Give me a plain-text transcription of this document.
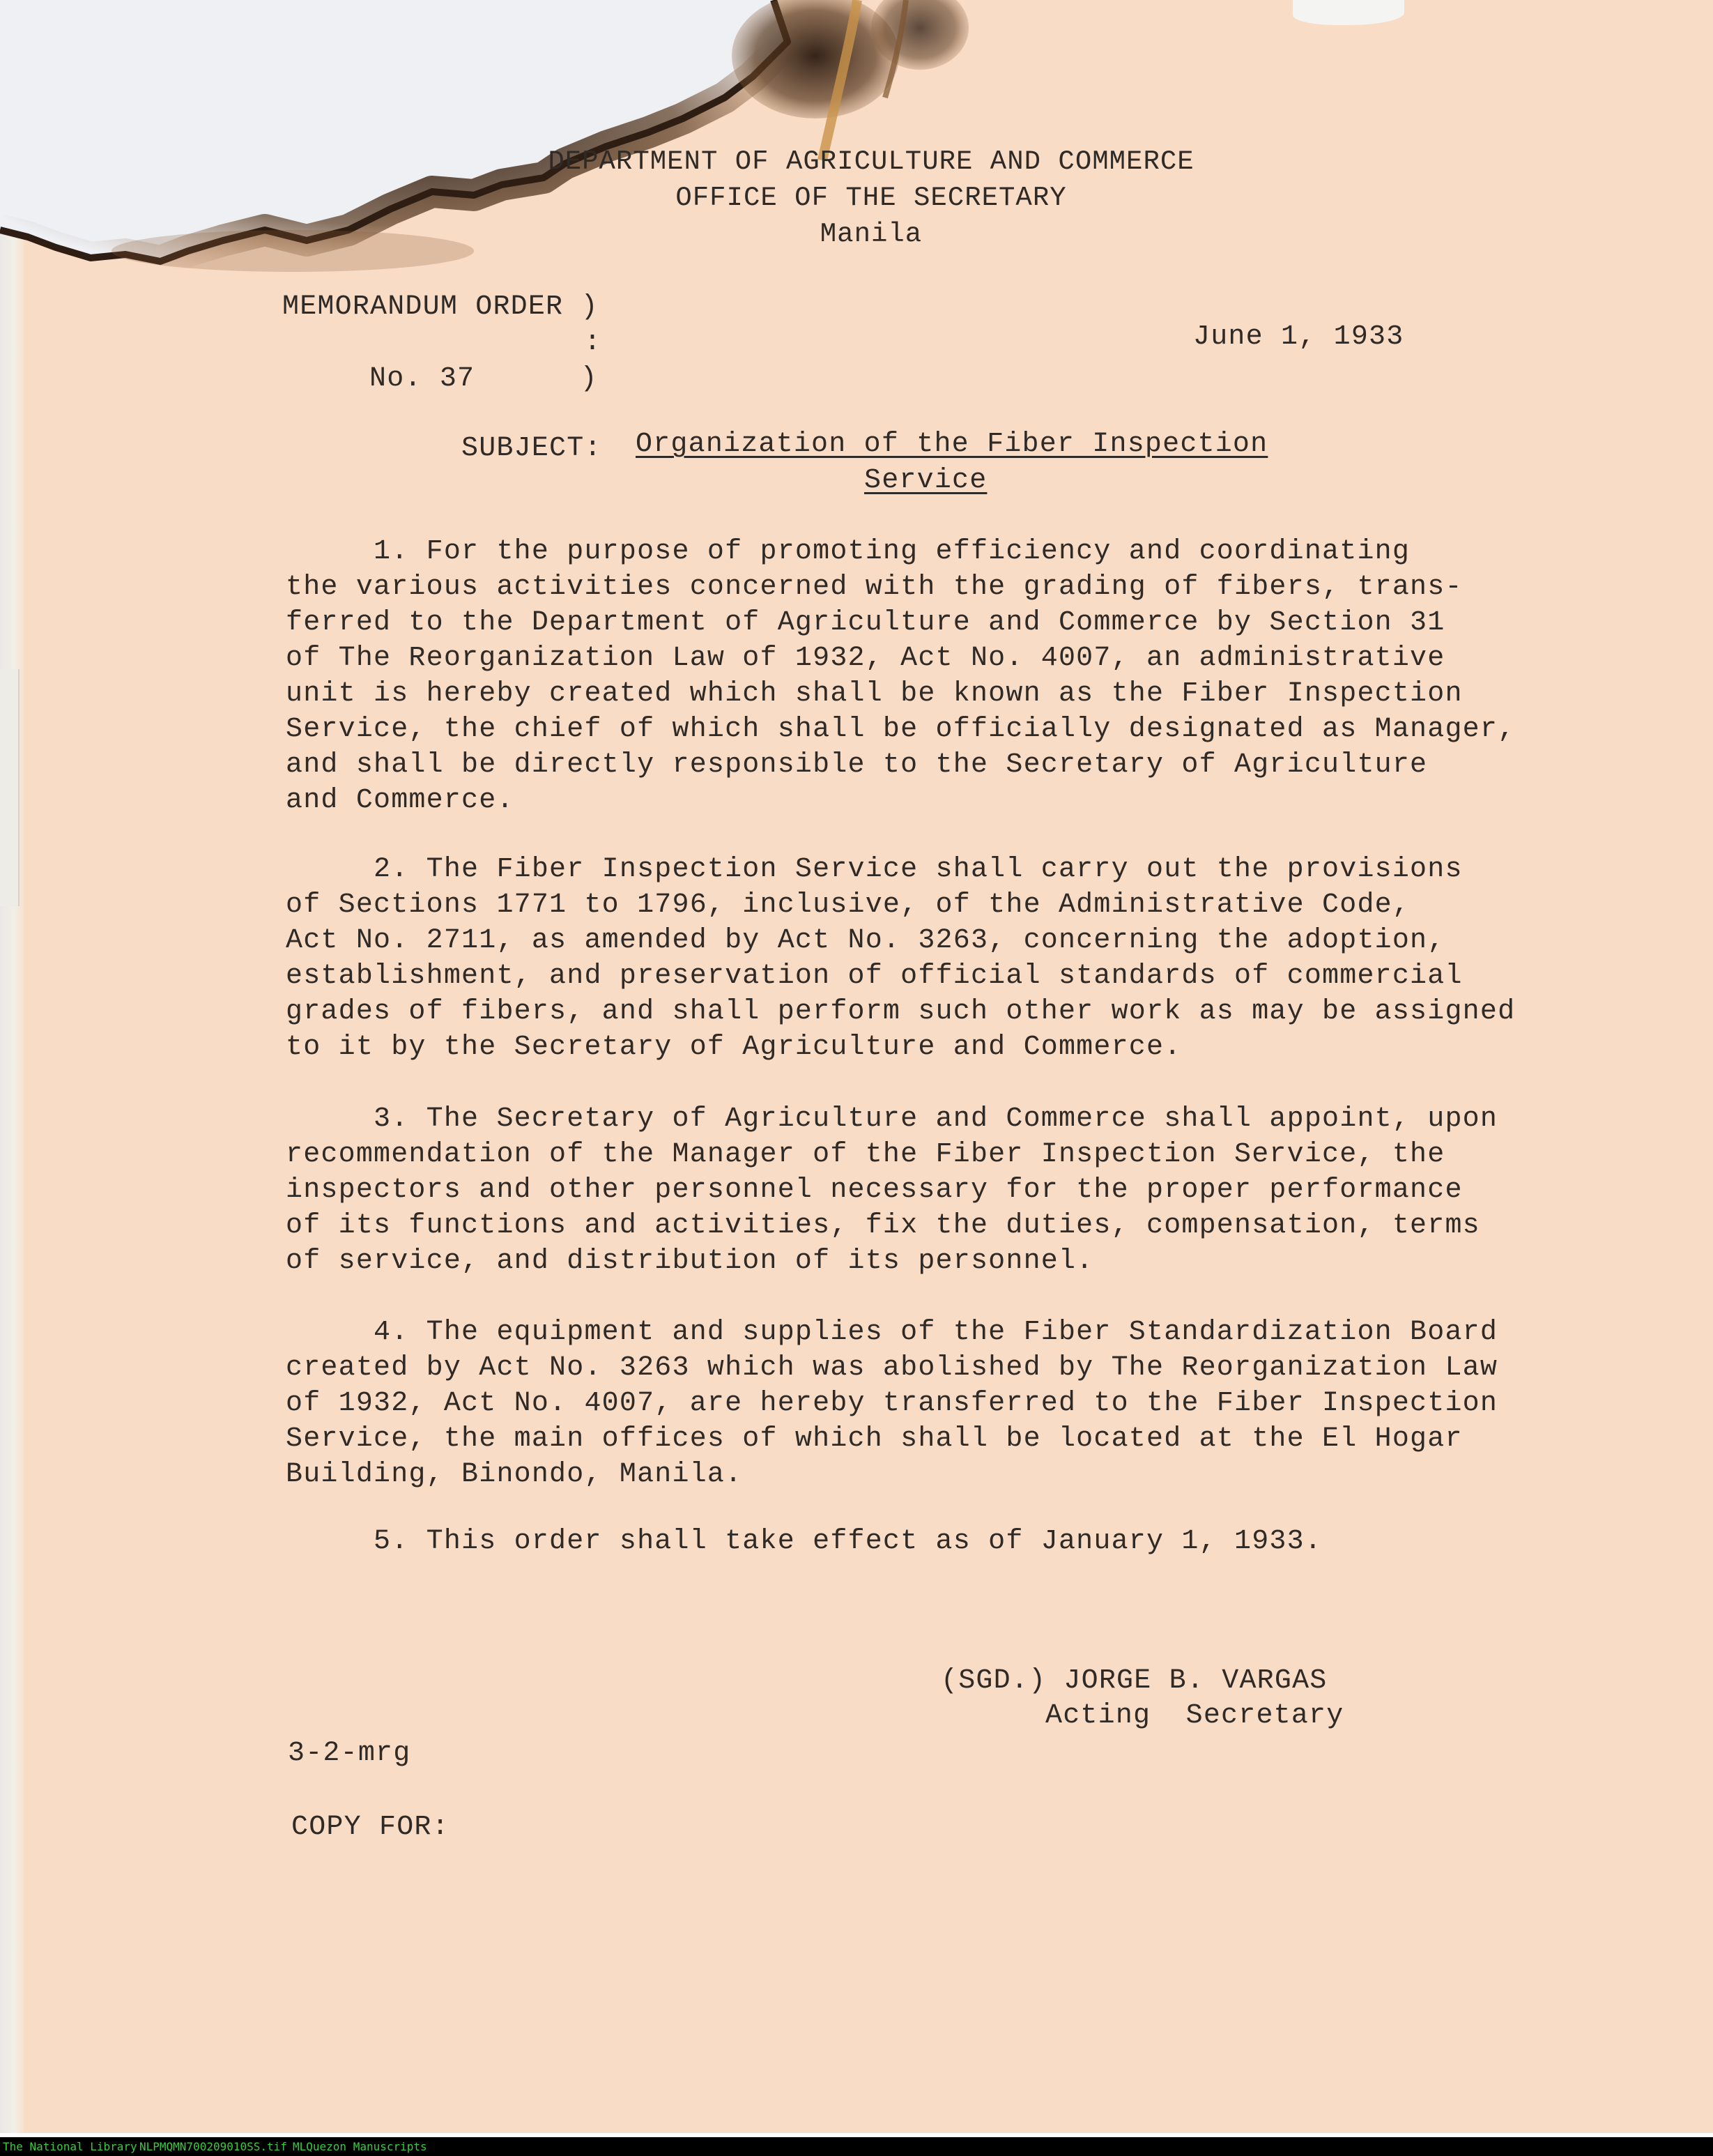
DEPARTMENT OF AGRICULTURE AND COMMERCE
OFFICE OF THE SECRETARY
Manila
MEMORANDUM ORDER )
:
No. 37      )
June 1, 1933
SUBJECT: Organization of the Fiber Inspection
Service
1. For the purpose of promoting efficiency and coordinating
the various activities concerned with the grading of fibers, trans-
ferred to the Department of Agriculture and Commerce by Section 31
of The Reorganization Law of 1932, Act No. 4007, an administrative
unit is hereby created which shall be known as the Fiber Inspection
Service, the chief of which shall be officially designated as Manager,
and shall be directly responsible to the Secretary of Agriculture
and Commerce.
2. The Fiber Inspection Service shall carry out the provisions
of Sections 1771 to 1796, inclusive, of the Administrative Code,
Act No. 2711, as amended by Act No. 3263, concerning the adoption,
establishment, and preservation of official standards of commercial
grades of fibers, and shall perform such other work as may be assigned
to it by the Secretary of Agriculture and Commerce.
3. The Secretary of Agriculture and Commerce shall appoint, upon
recommendation of the Manager of the Fiber Inspection Service, the
inspectors and other personnel necessary for the proper performance
of its functions and activities, fix the duties, compensation, terms
of service, and distribution of its personnel.
4. The equipment and supplies of the Fiber Standardization Board
created by Act No. 3263 which was abolished by The Reorganization Law
of 1932, Act No. 4007, are hereby transferred to the Fiber Inspection
Service, the main offices of which shall be located at the El Hogar
Building, Binondo, Manila.
5. This order shall take effect as of January 1, 1933.
(SGD.) JORGE B. VARGAS
Acting  Secretary
3-2-mrg
COPY FOR:
The National Library NLPMQMN700209010SS.tif MLQuezon Manuscripts
